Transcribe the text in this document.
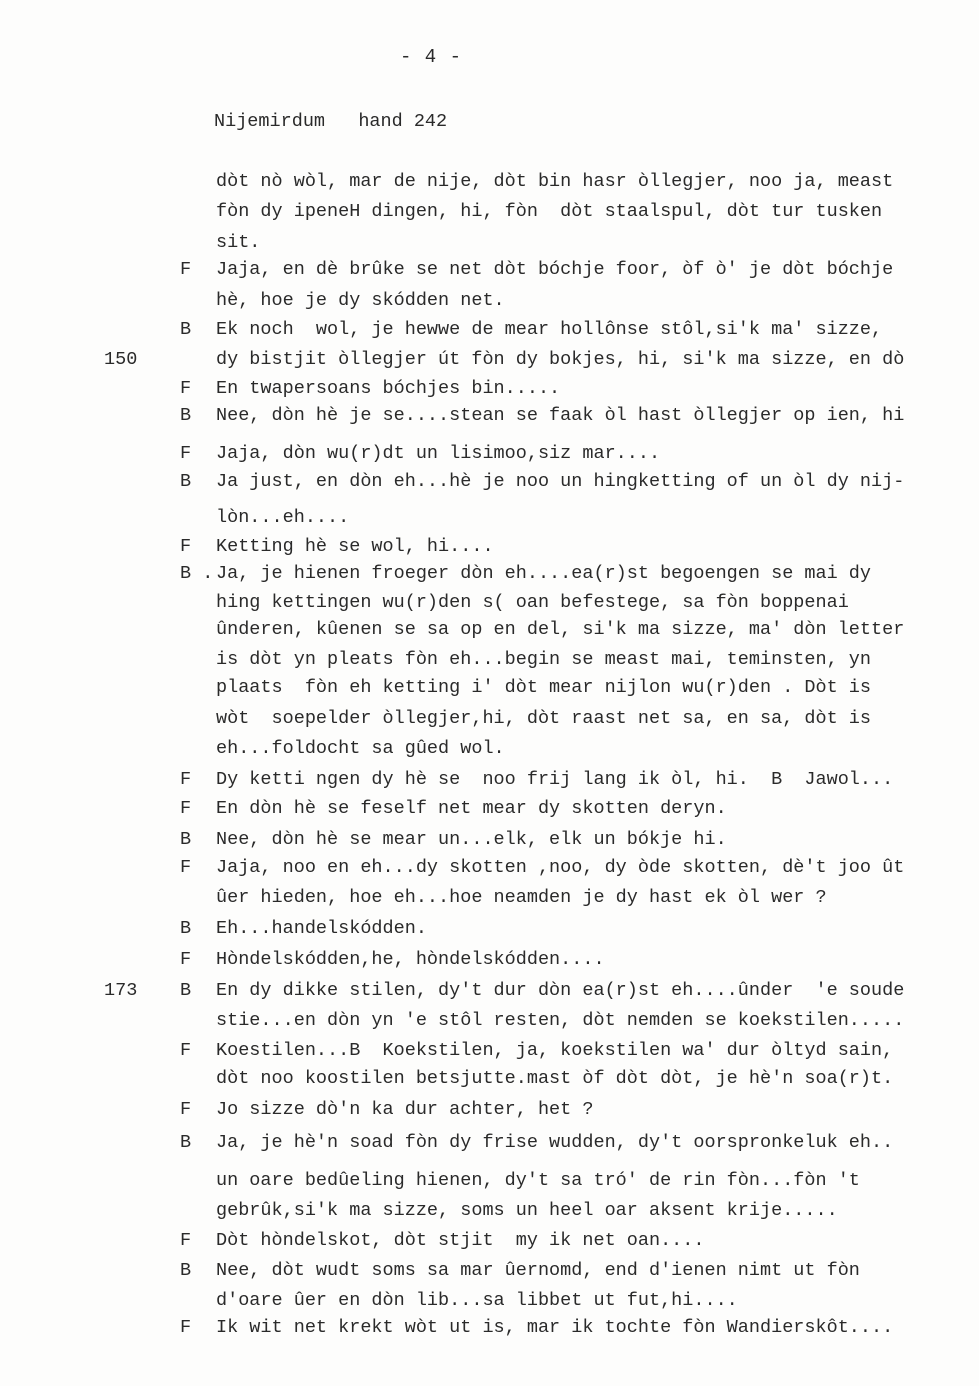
- 4 -
Nijemirdum   hand 242
dòt nò wòl, mar de nije, dòt bin hasr òllegjer, noo ja, meast
fòn dy ipeneH dingen, hi, fòn  dòt staalspul, dòt tur tusken
sit.
F	Jaja, en dè brûke se net dòt bóchje foor, òf ò' je dòt bóchje
hè, hoe je dy skódden net.
B	Ek noch  wol, je hewwe de mear hollônse stôl,si'k ma' sizze,
150	dy bistjit òllegjer út fòn dy bokjes, hi, si'k ma sizze, en dò
F	En twapersoans bóchjes bin.....
B	Nee, dòn hè je se....stean se faak òl hast òllegjer op ien, hi
F	Jaja, dòn wu(r)dt un lisimoo,siz mar....
B	Ja just, en dòn eh...hè je noo un hingketting of un òl dy nij-
lòn...eh....
F	Ketting hè se wol, hi....
B . Ja, je hienen froeger dòn eh....ea(r)st begoengen se mai dy
hing kettingen wu(r)den s( oan befestege, sa fòn boppenai
ûnderen, kûenen se sa op en del, si'k ma sizze, ma' dòn letter
is dòt yn pleats fòn eh...begin se meast mai, teminsten, yn
plaats  fòn eh ketting i' dòt mear nijlon wu(r)den . Dòt is
wòt  soepelder òllegjer,hi, dòt raast net sa, en sa, dòt is
eh...foldocht sa gûed wol.
F	Dy ketti ngen dy hè se  noo frij lang ik òl, hi.  B  Jawol...
F	En dòn hè se feself net mear dy skotten deryn.
B	Nee, dòn hè se mear un...elk, elk un bókje hi.
F	Jaja, noo en eh...dy skotten ,noo, dy òde skotten, dè't joo ût
ûer hieden, hoe eh...hoe neamden je dy hast ek òl wer ?
B	Eh...handelskódden.
F	Hòndelskódden,he, hòndelskódden....
173 B	En dy dikke stilen, dy't dur dòn ea(r)st eh....ûnder  'e soude
stie...en dòn yn 'e stôl resten, dòt nemden se koekstilen.....
F	Koestilen...B  Koekstilen, ja, koekstilen wa' dur òltyd sain,
dòt noo koostilen betsjutte.mast òf dòt dòt, je hè'n soa(r)t.
F	Jo sizze dò'n ka dur achter, het ?
B	Ja, je hè'n soad fòn dy frise wudden, dy't oorspronkeluk eh..
un oare bedûeling hienen, dy't sa tró' de rin fòn...fòn 't
gebrûk,si'k ma sizze, soms un heel oar aksent krije.....
F	Dòt hòndelskot, dòt stjit  my ik net oan....
B	Nee, dòt wudt soms sa mar ûernomd, end d'ienen nimt ut fòn
d'oare ûer en dòn lib...sa libbet ut fut,hi....
F	Ik wit net krekt wòt ut is, mar ik tochte fòn Wandierskôt....
